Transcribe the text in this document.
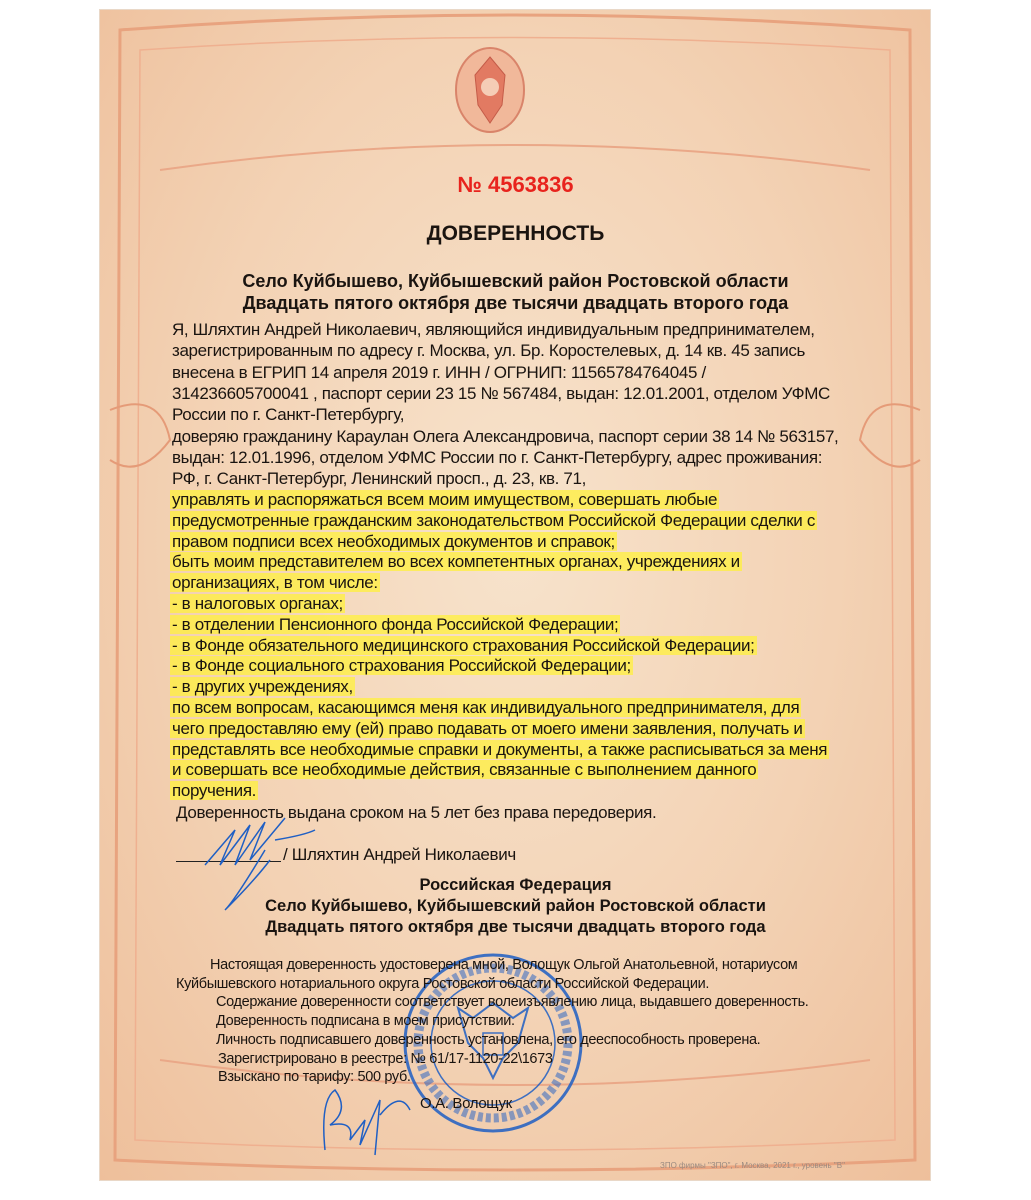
№ 4563836
ДОВЕРЕННОСТЬ
Село Куйбышево, Куйбышевский район Ростовской области
Двадцать пятого октября две тысячи двадцать второго года
Я, Шляхтин Андрей Николаевич, являющийся индивидуальным предпринимателем,
зарегистрированным по адресу г. Москва, ул. Бр. Коростелевых, д. 14 кв. 45 запись
внесена в ЕГРИП 14 апреля 2019 г. ИНН / ОГРНИП: 11565784764045 /
314236605700041 , паспорт серии 23 15 № 567484, выдан: 12.01.2001, отделом УФМС
России по г. Санкт-Петербургу,
доверяю гражданину Караулан Олега Александровича, паспорт серии 38 14 № 563157,
выдан: 12.01.1996, отделом УФМС России по г. Санкт-Петербургу, адрес проживания:
РФ, г. Санкт-Петербург, Ленинский просп., д. 23, кв. 71,
управлять и распоряжаться всем моим имуществом, совершать любые
предусмотренные гражданским законодательством Российской Федерации сделки с
правом подписи всех необходимых документов и справок;
быть моим представителем во всех компетентных органах, учреждениях и
организациях, в том числе:
- в налоговых органах;
- в отделении Пенсионного фонда Российской Федерации;
- в Фонде обязательного медицинского страхования Российской Федерации;
- в Фонде социального страхования Российской Федерации;
- в других учреждениях,
по всем вопросам, касающимся меня как индивидуального предпринимателя, для
чего предоставляю ему (ей) право подавать от моего имени заявления, получать и
представлять все необходимые справки и документы, а также расписываться за меня
и совершать все необходимые действия, связанные с выполнением данного
поручения.
Доверенность выдана сроком на 5 лет без права передоверия.
/ Шляхтин Андрей Николаевич
Российская Федерация
Село Куйбышево, Куйбышевский район Ростовской области
Двадцать пятого октября две тысячи двадцать второго года
Настоящая доверенность удостоверена мной, Волощук Ольгой Анатольевной, нотариусом
Куйбышевского нотариального округа Ростовской области Российской Федерации.
Содержание доверенности соответствует волеизъявлению лица, выдавшего доверенность.
Доверенность подписана в моем присутствии.
Личность подписавшего доверенность установлена, его дееспособность проверена.
Зарегистрировано в реестре: № 61/17-1120-22\1673
Взыскано по тарифу: 500 руб.
О.А. Волощук
ЗПО фирмы "ЗПО", г. Москва, 2021 г., уровень "В"
